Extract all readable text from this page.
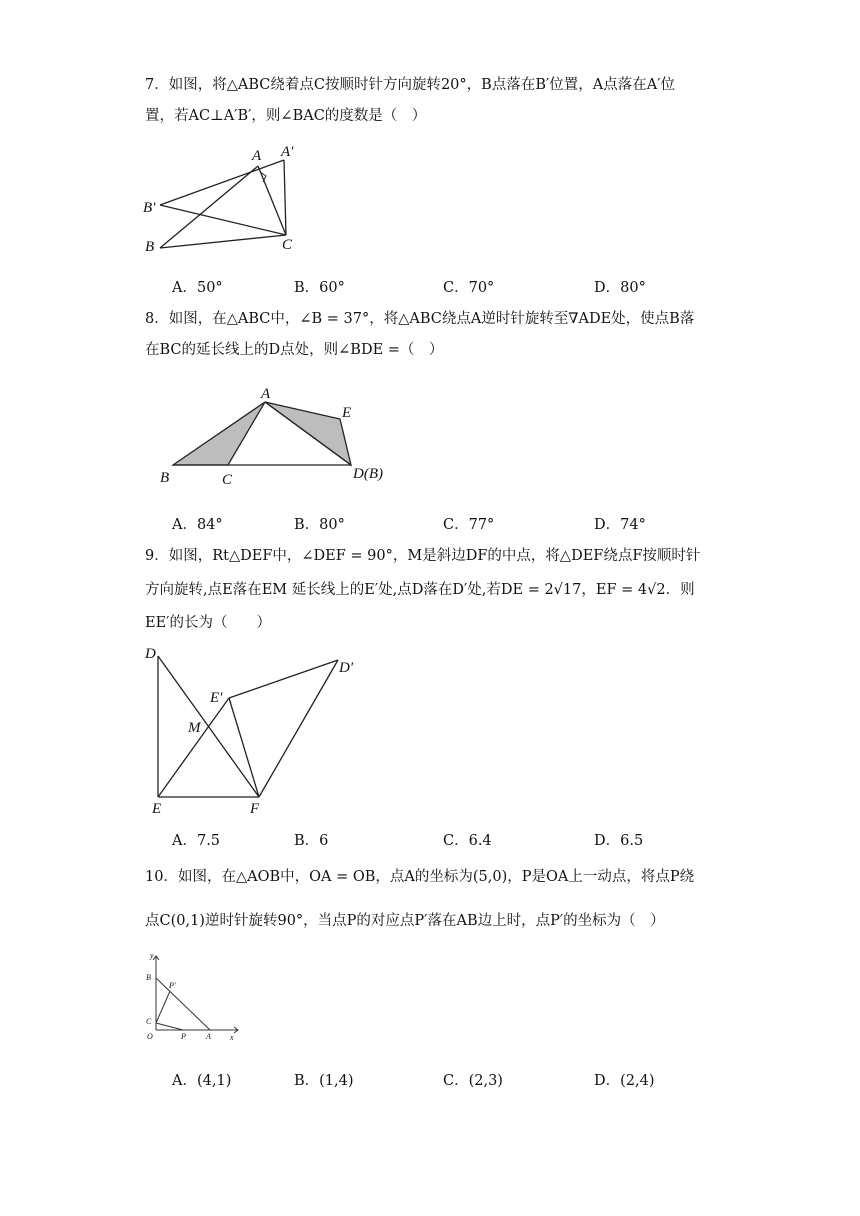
7．如图，将△ABC绕着点C按顺时针方向旋转20°，B点落在B′位置，A点落在A′位
置，若AC⊥A′B′，则∠BAC的度数是（　）
A A′
B′
B	C
A．50°	B．60°	C．70°	D．80°
8．如图，在△ABC中，∠B = 37°，将△ABC绕点A逆时针旋转至∇ADE处，使点B落
在BC的延长线上的D点处，则∠BDE =（　）
A
E
B	C	D(B)
A．84°	B．80°	C．77°	D．74°
9．如图，Rt△DEF中，∠DEF = 90°，M是斜边DF的中点，将△DEF绕点F按顺时针
方向旋转,点E落在EM 延长线上的E′处,点D落在D′处,若DE = 2√17，EF = 4√2．则
EE′的长为（　　）
D
D′
E′
M
E	F
A．7.5	B．6	C．6.4	D．6.5
10．如图，在△AOB中，OA = OB，点A的坐标为(5,0)，P是OA上一动点，将点P绕
点C(0,1)逆时针旋转90°，当点P的对应点P′落在AB边上时，点P′的坐标为（　）
y
B
P′
C
O	P	A x
A．(4,1)	B．(1,4)	C．(2,3)	D．(2,4)
